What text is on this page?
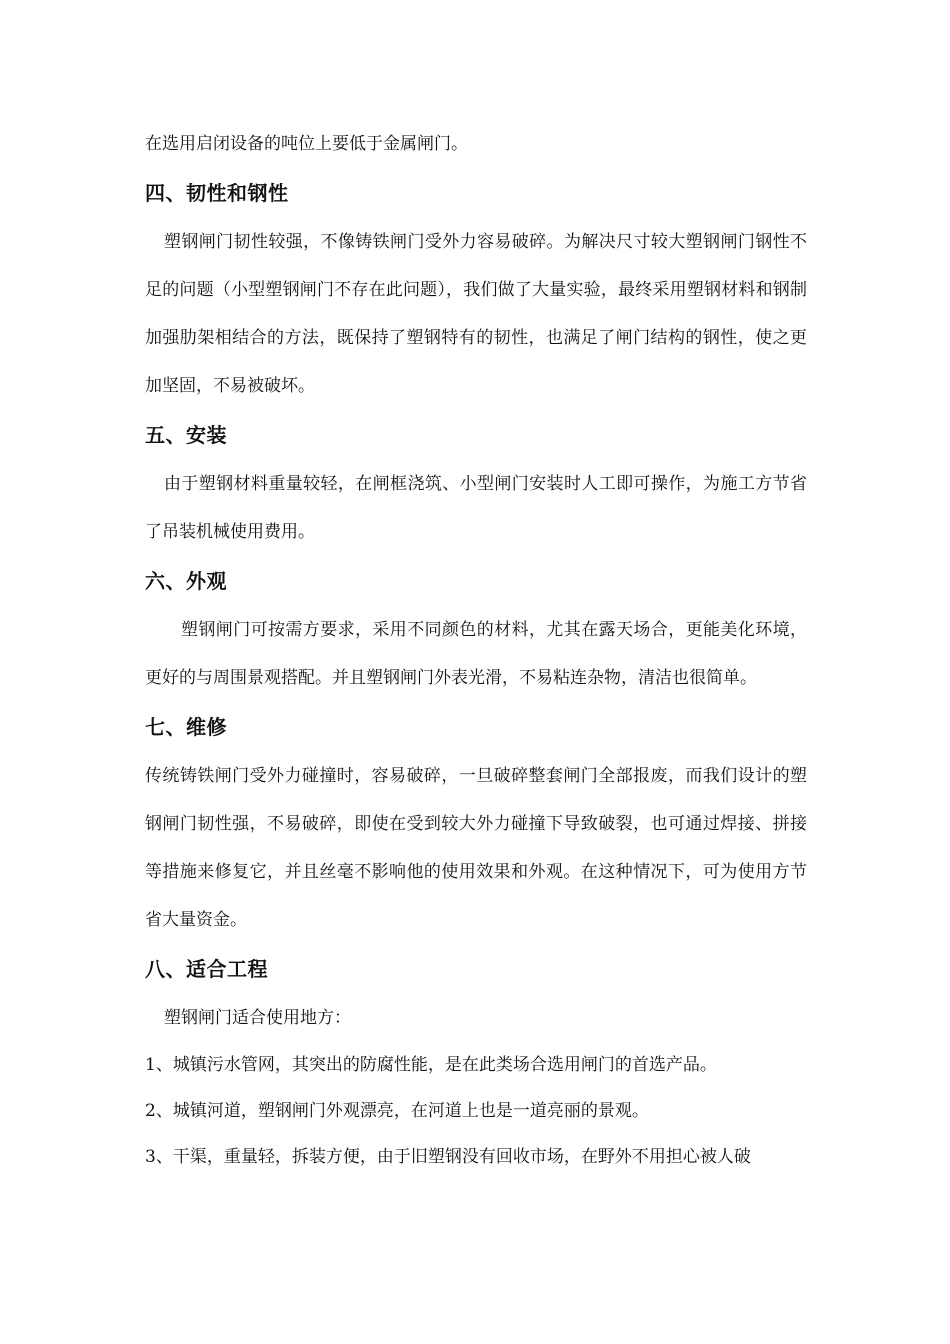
在选用启闭设备的吨位上要低于金属闸门。

四、韧性和钢性

塑钢闸门韧性较强，不像铸铁闸门受外力容易破碎。为解决尺寸较大塑钢闸门钢性不足的问题（小型塑钢闸门不存在此问题），我们做了大量实验，最终采用塑钢材料和钢制加强肋架相结合的方法，既保持了塑钢特有的韧性，也满足了闸门结构的钢性，使之更加坚固，不易被破坏。

五、安装

由于塑钢材料重量较轻，在闸框浇筑、小型闸门安装时人工即可操作，为施工方节省了吊装机械使用费用。

六、外观

塑钢闸门可按需方要求，采用不同颜色的材料，尤其在露天场合，更能美化环境，更好的与周围景观搭配。并且塑钢闸门外表光滑，不易粘连杂物，清洁也很简单。

七、维修

传统铸铁闸门受外力碰撞时，容易破碎，一旦破碎整套闸门全部报废，而我们设计的塑钢闸门韧性强，不易破碎，即使在受到较大外力碰撞下导致破裂，也可通过焊接、拼接等措施来修复它，并且丝毫不影响他的使用效果和外观。在这种情况下，可为使用方节省大量资金。

八、适合工程

塑钢闸门适合使用地方：

1、城镇污水管网，其突出的防腐性能，是在此类场合选用闸门的首选产品。

2、城镇河道，塑钢闸门外观漂亮，在河道上也是一道亮丽的景观。

3、干渠，重量轻，拆装方便，由于旧塑钢没有回收市场，在野外不用担心被人破
